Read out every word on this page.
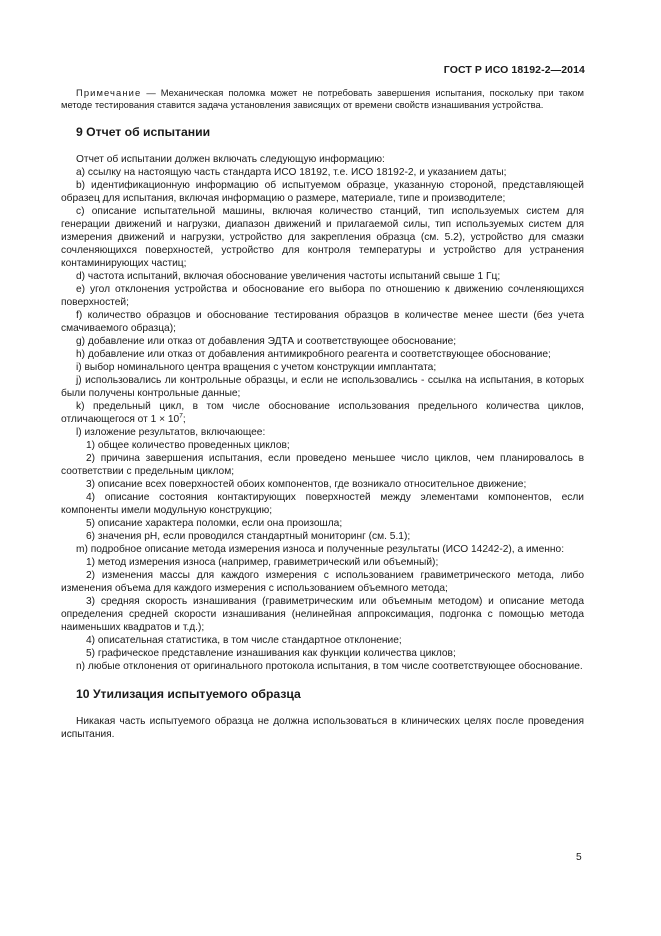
ГОСТ Р ИСО 18192-2—2014

Примечание — Механическая поломка может не потребовать завершения испытания, поскольку при таком методе тестирования ставится задача установления зависящих от времени свойств изнашивания устройства.

9 Отчет об испытании

Отчет об испытании должен включать следующую информацию:

a) ссылку на настоящую часть стандарта ИСО 18192, т.е. ИСО 18192-2, и указанием даты;

b) идентификационную информацию об испытуемом образце, указанную стороной, представляющей образец для испытания, включая информацию о размере, материале, типе и производителе;

c) описание испытательной машины, включая количество станций, тип используемых систем для генерации движений и нагрузки, диапазон движений и прилагаемой силы, тип используемых систем для измерения движений и нагрузки, устройство для закрепления образца (см. 5.2), устройство для смазки сочленяющихся поверхностей, устройство для контроля температуры и устройство для устранения контаминирующих частиц;

d) частота испытаний, включая обоснование увеличения частоты испытаний свыше 1 Гц;

e) угол отклонения устройства и обоснование его выбора по отношению к движению сочленяющихся поверхностей;

f) количество образцов и обоснование тестирования образцов в количестве менее шести (без учета смачиваемого образца);

g) добавление или отказ от добавления ЭДТА и соответствующее обоснование;

h) добавление или отказ от добавления антимикробного реагента и соответствующее обоснование;

i) выбор номинального центра вращения с учетом конструкции имплантата;

j) использовались ли контрольные образцы, и если не использовались - ссылка на испытания, в которых были получены контрольные данные;

k) предельный цикл, в том числе обоснование использования предельного количества циклов, отличающегося от $1 \times 10^7$;

l) изложение результатов, включающее:

1) общее количество проведенных циклов;

2) причина завершения испытания, если проведено меньшее число циклов, чем планировалось в соответствии с предельным циклом;

3) описание всех поверхностей обоих компонентов, где возникало относительное движение;

4) описание состояния контактирующих поверхностей между элементами компонентов, если компоненты имели модульную конструкцию;

5) описание характера поломки, если она произошла;

6) значения pH, если проводился стандартный мониторинг (см. 5.1);

m) подробное описание метода измерения износа и полученные результаты (ИСО 14242-2), а именно:

1) метод измерения износа (например, гравиметрический или объемный);

2) изменения массы для каждого измерения с использованием гравиметрического метода, либо изменения объема для каждого измерения с использованием объемного метода;

3) средняя скорость изнашивания (гравиметрическим или объемным методом) и описание метода определения средней скорости изнашивания (нелинейная аппроксимация, подгонка с помощью метода наименьших квадратов и т.д.);

4) описательная статистика, в том числе стандартное отклонение;

5) графическое представление изнашивания как функции количества циклов;

n) любые отклонения от оригинального протокола испытания, в том числе соответствующее обоснование.

10 Утилизация испытуемого образца

Никакая часть испытуемого образца не должна использоваться в клинических целях после проведения испытания.

5
